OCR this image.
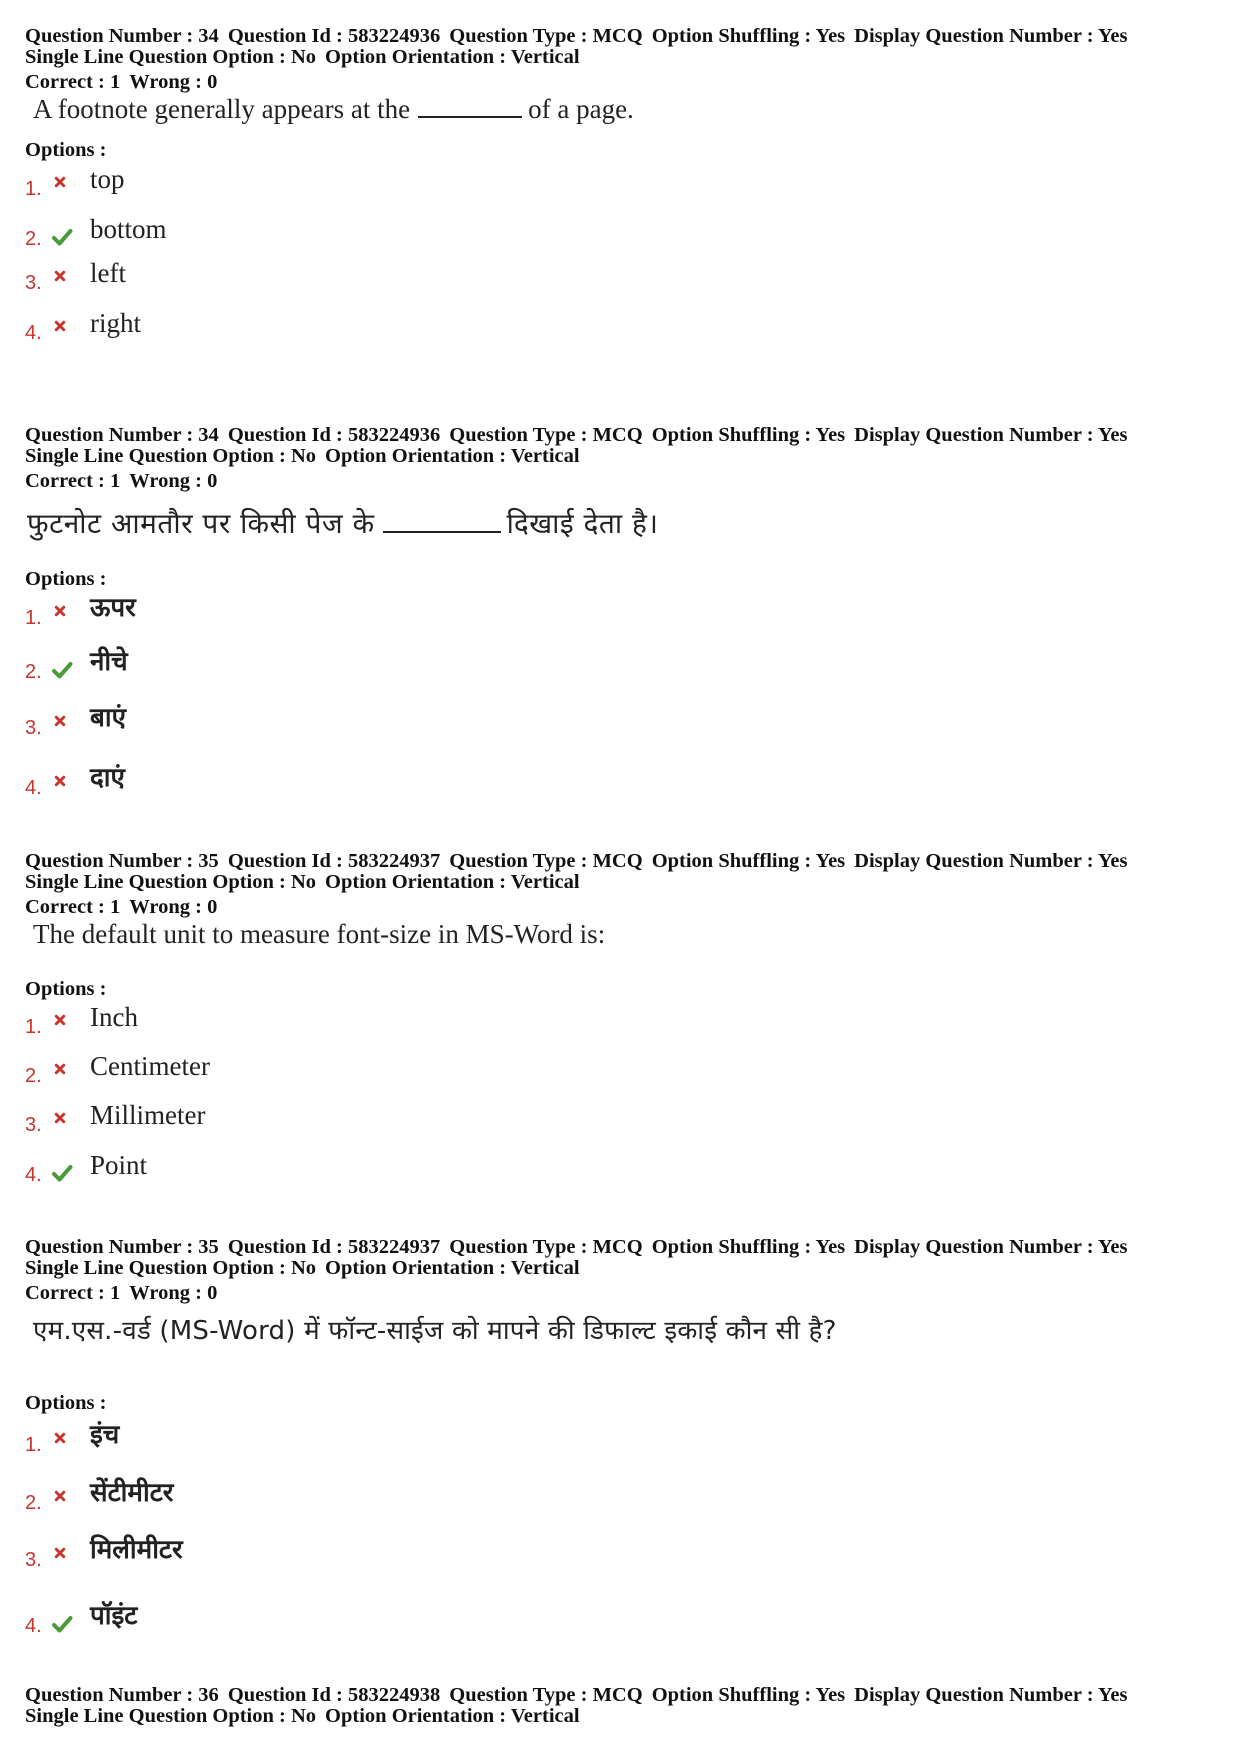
Question Number : 34 Question Id : 583224936 Question Type : MCQ Option Shuffling : Yes Display Question Number : Yes
Single Line Question Option : No Option Orientation : Vertical
Correct : 1 Wrong : 0
A footnote generally appears at the	of a page.
Options :
1. top
2. bottom
3. left
4. right
Question Number : 34 Question Id : 583224936 Question Type : MCQ Option Shuffling : Yes Display Question Number : Yes
Single Line Question Option : No Option Orientation : Vertical
Correct : 1 Wrong : 0
फुटनोट आमतौर पर किसी पेज के	दिखाई देता है।
Options :
1. ऊपर
2. नीचे
3. बाएं
4. दाएं
Question Number : 35 Question Id : 583224937 Question Type : MCQ Option Shuffling : Yes Display Question Number : Yes
Single Line Question Option : No Option Orientation : Vertical
Correct : 1 Wrong : 0
The default unit to measure font-size in MS-Word is:
Options :
1. Inch
2. Centimeter
3. Millimeter
4. Point
Question Number : 35 Question Id : 583224937 Question Type : MCQ Option Shuffling : Yes Display Question Number : Yes
Single Line Question Option : No Option Orientation : Vertical
Correct : 1 Wrong : 0
एम.एस.-वर्ड (MS-Word) में फॉन्ट-साईज को मापने की डिफाल्ट इकाई कौन सी है?
Options :
1. इंच
2. सेंटीमीटर
3. मिलीमीटर
4. पॉइंट
Question Number : 36 Question Id : 583224938 Question Type : MCQ Option Shuffling : Yes Display Question Number : Yes
Single Line Question Option : No Option Orientation : Vertical
